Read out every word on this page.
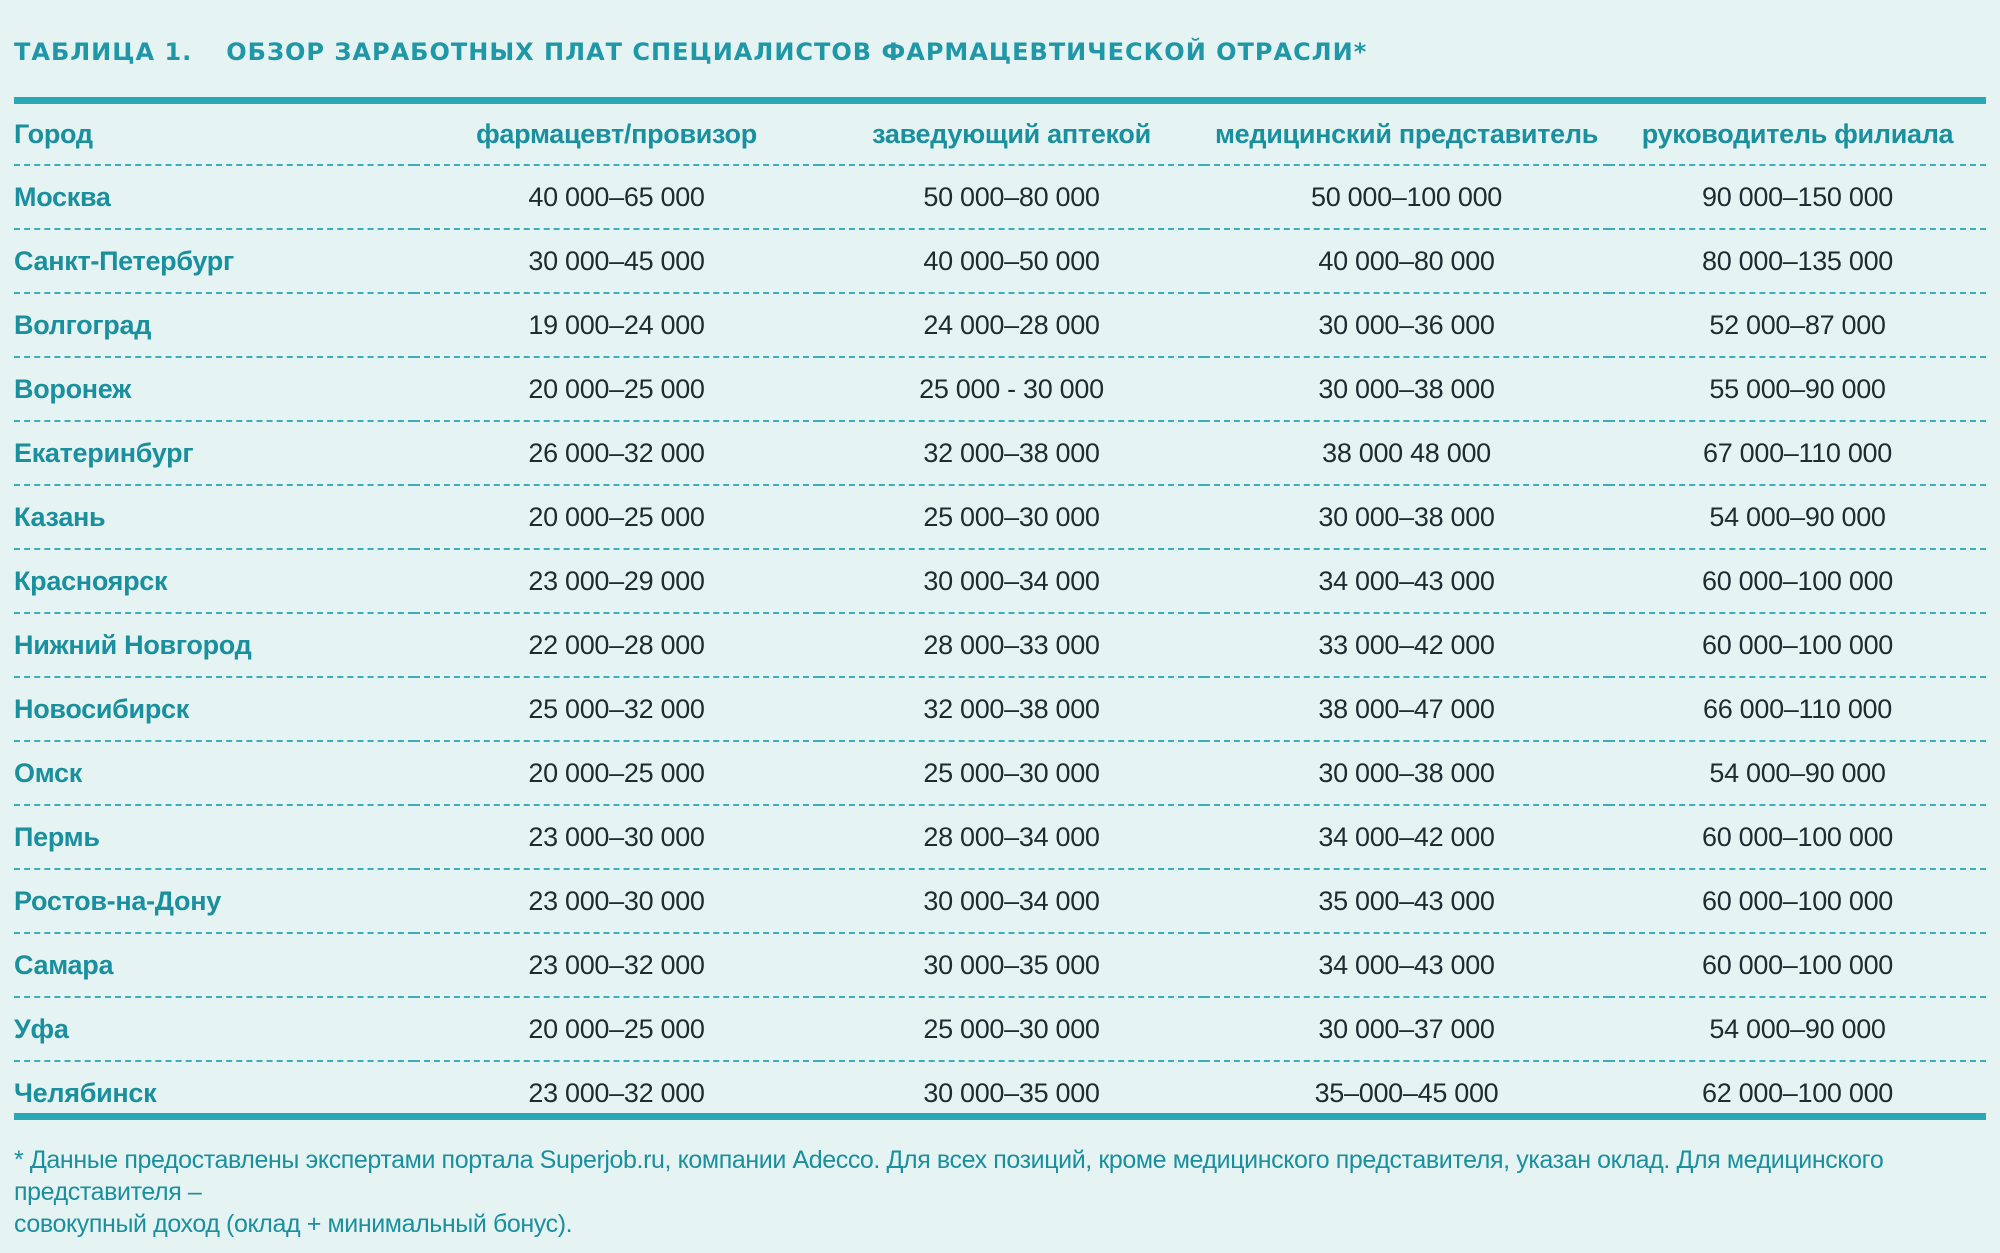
ТАБЛИЦА 1. ОБЗОР ЗАРАБОТНЫХ ПЛАТ СПЕЦИАЛИСТОВ ФАРМАЦЕВТИЧЕСКОЙ ОТРАСЛИ*
Город	фармацевт/провизор	заведующий аптекой	медицинский представитель	руководитель филиала
Москва	40 000–65 000	50 000–80 000	50 000–100 000	90 000–150 000
Санкт-Петербург	30 000–45 000	40 000–50 000	40 000–80 000	80 000–135 000
Волгоград	19 000–24 000	24 000–28 000	30 000–36 000	52 000–87 000
Воронеж	20 000–25 000	25 000 - 30 000	30 000–38 000	55 000–90 000
Екатеринбург	26 000–32 000	32 000–38 000	38 000 48 000	67 000–110 000
Казань	20 000–25 000	25 000–30 000	30 000–38 000	54 000–90 000
Красноярск	23 000–29 000	30 000–34 000	34 000–43 000	60 000–100 000
Нижний Новгород	22 000–28 000	28 000–33 000	33 000–42 000	60 000–100 000
Новосибирск	25 000–32 000	32 000–38 000	38 000–47 000	66 000–110 000
Омск	20 000–25 000	25 000–30 000	30 000–38 000	54 000–90 000
Пермь	23 000–30 000	28 000–34 000	34 000–42 000	60 000–100 000
Ростов-на-Дону	23 000–30 000	30 000–34 000	35 000–43 000	60 000–100 000
Самара	23 000–32 000	30 000–35 000	34 000–43 000	60 000–100 000
Уфа	20 000–25 000	25 000–30 000	30 000–37 000	54 000–90 000
Челябинск	23 000–32 000	30 000–35 000	35–000–45 000	62 000–100 000
* Данные предоставлены экспертами портала Superjob.ru, компании Adecco. Для всех позиций, кроме медицинского представителя, указан оклад. Для медицинского представителя –
совокупный доход (оклад + минимальный бонус).
